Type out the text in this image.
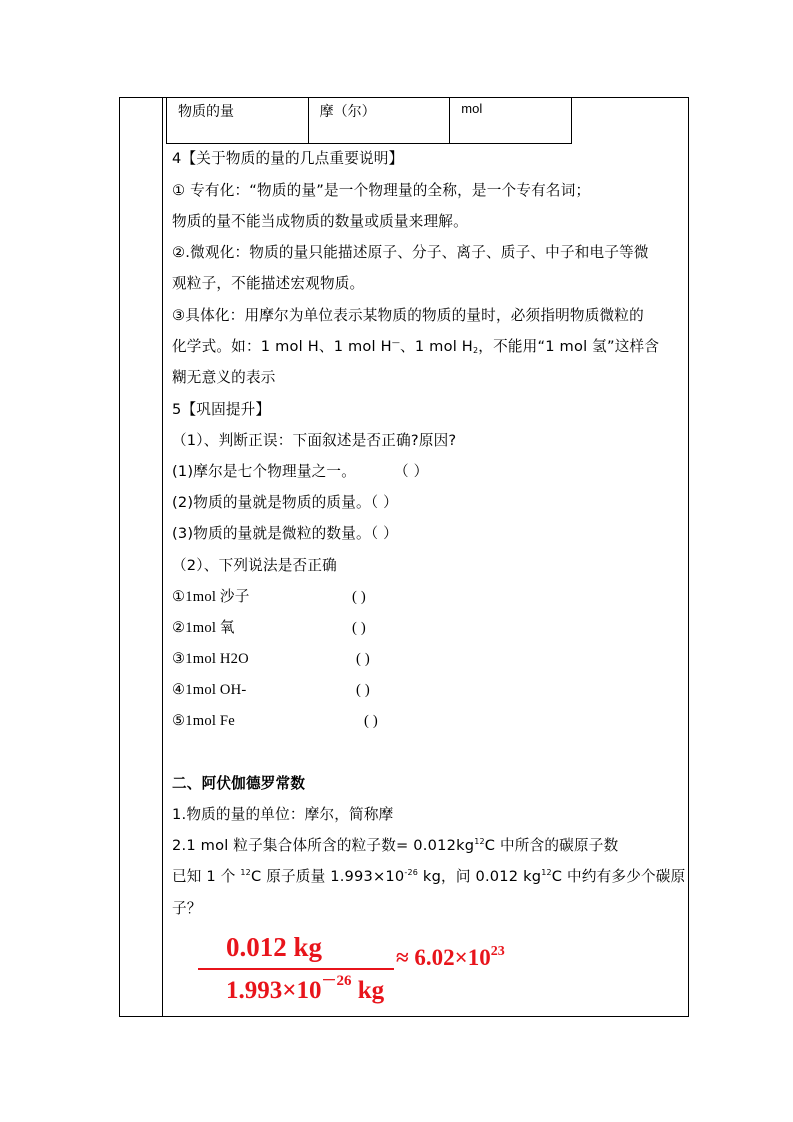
物质的量	摩（尔）	mol
4【关于物质的量的几点重要说明】
① 专有化：“物质的量”是一个物理量的全称，是一个专有名词；
物质的量不能当成物质的数量或质量来理解。
②.微观化：物质的量只能描述原子、分子、离子、质子、中子和电子等微
观粒子，不能描述宏观物质。
③具体化：用摩尔为单位表示某物质的物质的量时，必须指明物质微粒的
化学式。如：1 mol H、1 mol H—、1 mol $H_2$，不能用“1 mol 氢”这样含
糊无意义的表示
5【巩固提升】
（1）、判断正误：下面叙述是否正确?原因?
(1)摩尔是七个物理量之一。	（ ）
(2)物质的量就是物质的质量。（ ）
(3)物质的量就是微粒的数量。（ ）
（2）、下列说法是否正确
①1mol 沙子	( )
②1mol 氧	( )
③1mol H2O	( )
④1mol OH-	( )
⑤1mol Fe	( )
二、阿伏伽德罗常数
1.物质的量的单位：摩尔，简称摩
2.1 mol 粒子集合体所含的粒子数= $0.012kg^{12}C$ 中所含的碳原子数
已知 1 个 $^{12}$C 原子质量 $1.993\times 10^{-26}$ kg，问 0.012 $kg^{12}C$ 中约有多少个碳原
子？
0.012 kg
$1.993\times 10^{-26}$ kg
≈ $6.02\times 10^{23}$
